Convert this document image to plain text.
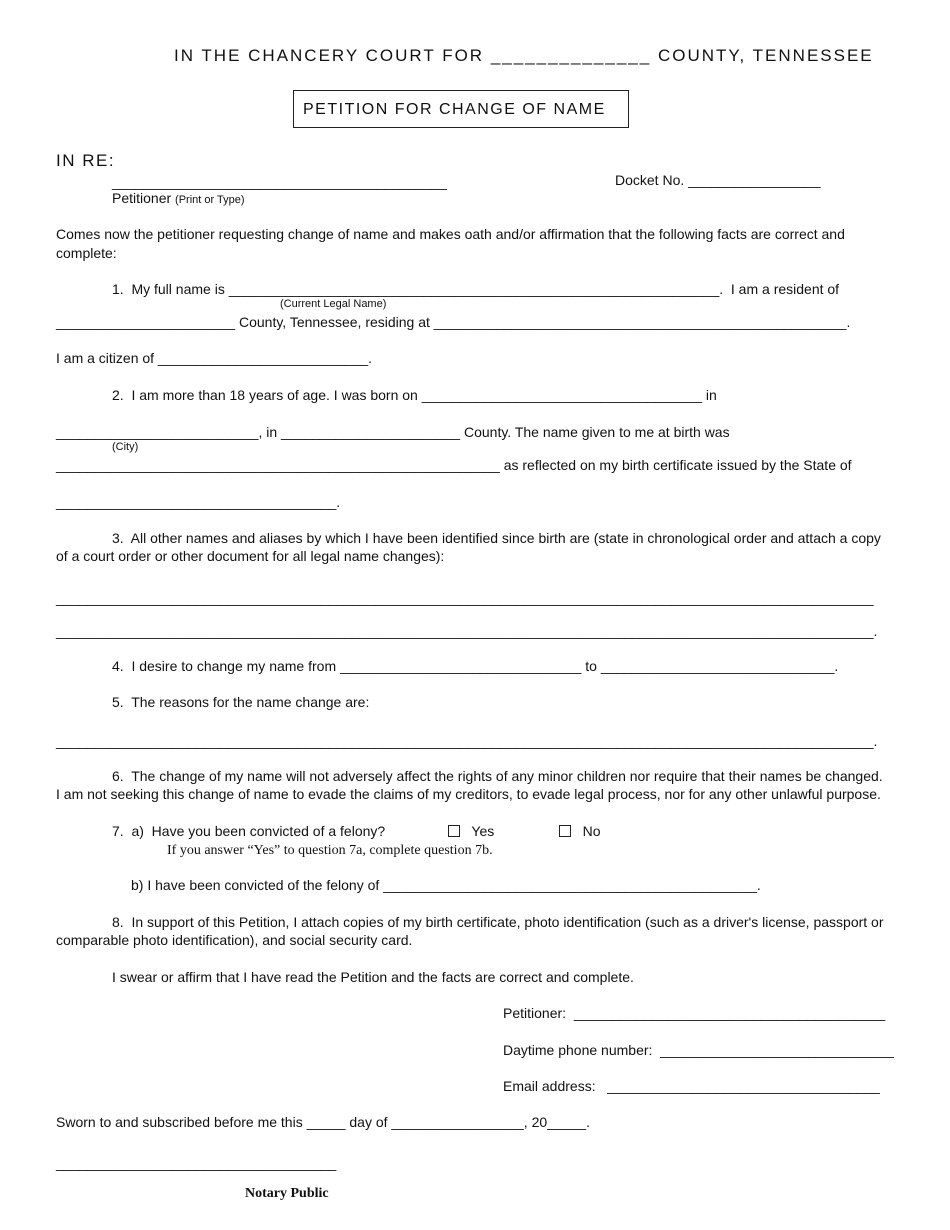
IN THE CHANCERY COURT FOR ______________ COUNTY, TENNESSEE
PETITION FOR CHANGE OF NAME
IN RE:
___________________________________________
Petitioner (Print or Type)
Docket No. _________________
Comes now the petitioner requesting change of name and makes oath and/or affirmation that the following facts are correct and
complete:
1.  My full name is _______________________________________________________________.  I am a resident of
(Current Legal Name)
_______________________ County, Tennessee, residing at _____________________________________________________.
I am a citizen of ___________________________.
2.  I am more than 18 years of age. I was born on ____________________________________ in
__________________________, in _______________________ County. The name given to me at birth was
(City)
_________________________________________________________ as reflected on my birth certificate issued by the State of
____________________________________.
3.  All other names and aliases by which I have been identified since birth are (state in chronological order and attach a copy
of a court order or other document for all legal name changes):
_________________________________________________________________________________________________________
_________________________________________________________________________________________________________.
4.  I desire to change my name from _______________________________ to ______________________________.
5.  The reasons for the name change are:
_________________________________________________________________________________________________________.
6.  The change of my name will not adversely affect the rights of any minor children nor require that their names be changed.
I am not seeking this change of name to evade the claims of my creditors, to evade legal process, nor for any other unlawful purpose.
7.  a)  Have you been convicted of a felony?	Yes	No
If you answer “Yes” to question 7a, complete question 7b.
b) I have been convicted of the felony of ________________________________________________.
8.  In support of this Petition, I attach copies of my birth certificate, photo identification (such as a driver's license, passport or
comparable photo identification), and social security card.
I swear or affirm that I have read the Petition and the facts are correct and complete.
Petitioner:  ________________________________________
Daytime phone number:  ______________________________
Email address:   ___________________________________
Sworn to and subscribed before me this _____ day of _________________, 20_____.
____________________________________
Notary Public
